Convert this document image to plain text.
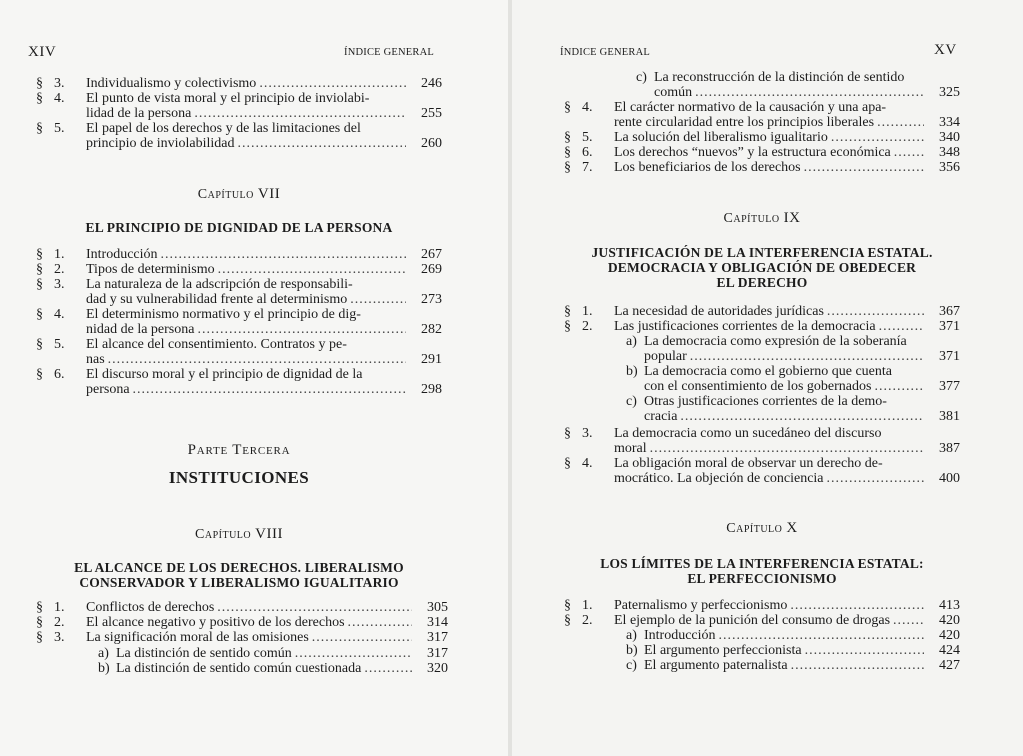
XIV	ÍNDICE GENERAL
§ 3. Individualismo y colectivismo .....	246
§ 4. El punto de vista moral y el principio de inviolabi-
lidad de la persona .....	255
§ 5. El papel de los derechos y de las limitaciones del
principio de inviolabilidad .....	260
Capítulo VII
EL PRINCIPIO DE DIGNIDAD DE LA PERSONA
§ 1. Introducción .....	267
§ 2. Tipos de determinismo .....	269
§ 3. La naturaleza de la adscripción de responsabili-
dad y su vulnerabilidad frente al determinismo .....	273
§ 4. El determinismo normativo y el principio de dig-
nidad de la persona .....	282
§ 5. El alcance del consentimiento. Contratos y pe-
nas .....	291
§ 6. El discurso moral y el principio de dignidad de la
persona .....	298
Parte Tercera
INSTITUCIONES
Capítulo VIII
EL ALCANCE DE LOS DERECHOS. LIBERALISMO
CONSERVADOR Y LIBERALISMO IGUALITARIO
§ 1. Conflictos de derechos .....	305
§ 2. El alcance negativo y positivo de los derechos .....	314
§ 3. La significación moral de las omisiones .....	317
a) La distinción de sentido común .....	317
b) La distinción de sentido común cuestionada .....	320
ÍNDICE GENERAL	XV
c) La reconstrucción de la distinción de sentido
común .....	325
§ 4. El carácter normativo de la causación y una apa-
rente circularidad entre los principios liberales .....	334
§ 5. La solución del liberalismo igualitario .....	340
§ 6. Los derechos “nuevos” y la estructura económica .....	348
§ 7. Los beneficiarios de los derechos .....	356
Capítulo IX
JUSTIFICACIÓN DE LA INTERFERENCIA ESTATAL.
DEMOCRACIA Y OBLIGACIÓN DE OBEDECER
EL DERECHO
§ 1. La necesidad de autoridades jurídicas .....	367
§ 2. Las justificaciones corrientes de la democracia .....	371
a) La democracia como expresión de la soberanía
popular .....	371
b) La democracia como el gobierno que cuenta
con el consentimiento de los gobernados .....	377
c) Otras justificaciones corrientes de la demo-
cracia .....	381
§ 3. La democracia como un sucedáneo del discurso
moral .....	387
§ 4. La obligación moral de observar un derecho de-
mocrático. La objeción de conciencia .....	400
Capítulo X
LOS LÍMITES DE LA INTERFERENCIA ESTATAL:
EL PERFECCIONISMO
§ 1. Paternalismo y perfeccionismo .....	413
§ 2. El ejemplo de la punición del consumo de drogas .....	420
a) Introducción .....	420
b) El argumento perfeccionista .....	424
c) El argumento paternalista .....	427
